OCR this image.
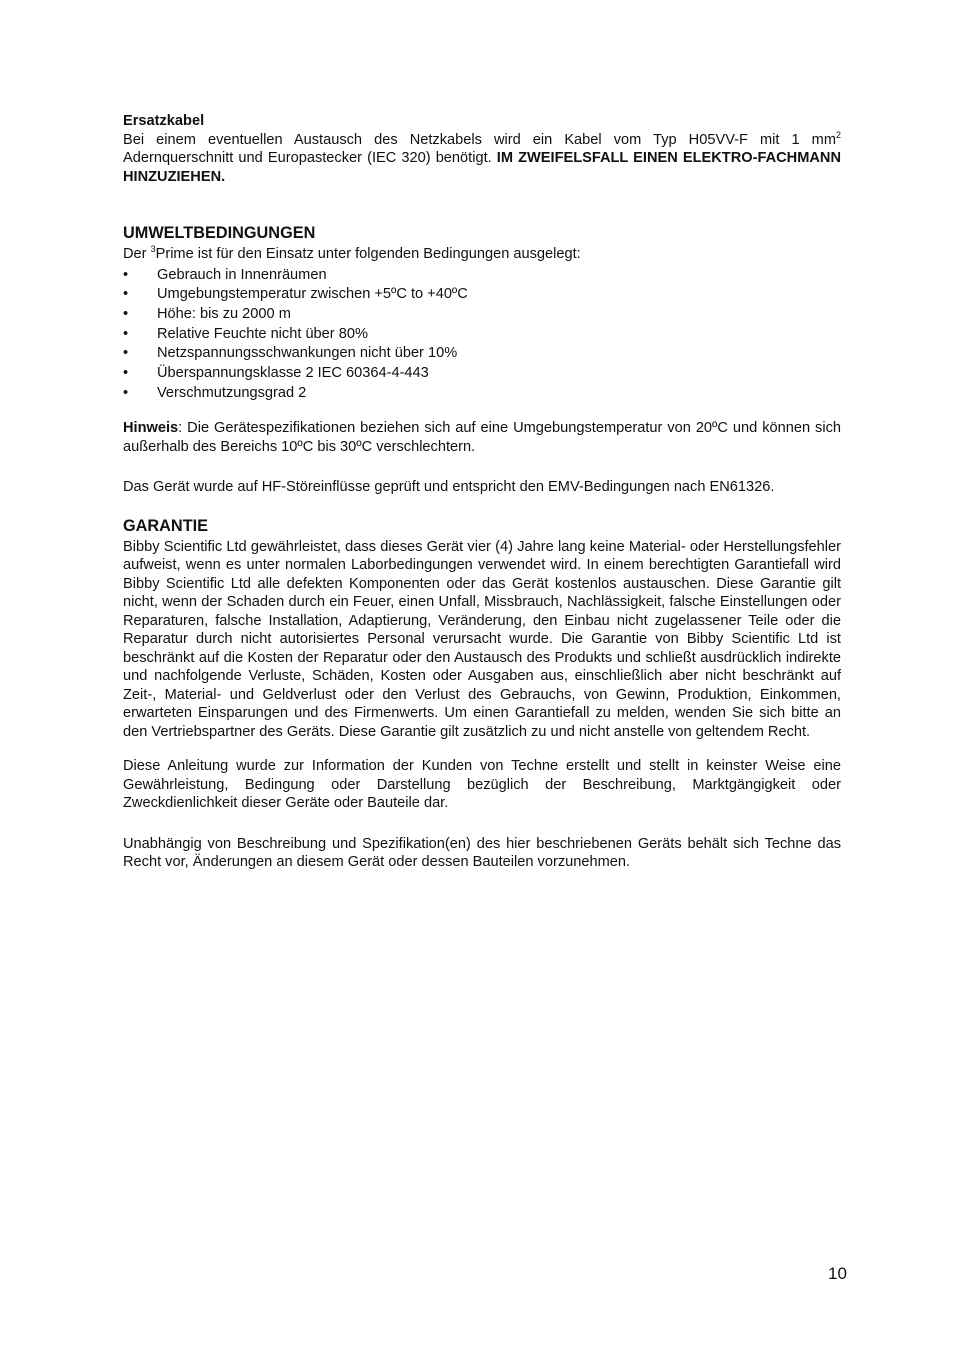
Ersatzkabel

Bei einem eventuellen Austausch des Netzkabels wird ein Kabel vom Typ H05VV-F mit 1 $mm^2$ Adernquerschnitt und Europastecker (IEC 320) benötigt. IM ZWEIFELSFALL EINEN ELEKTRO-FACHMANN HINZUZIEHEN.

UMWELTBEDINGUNGEN

Der $^3$Prime ist für den Einsatz unter folgenden Bedingungen ausgelegt:

• Gebrauch in Innenräumen
• Umgebungstemperatur zwischen +5ºC to +40ºC
• Höhe: bis zu 2000 m
• Relative Feuchte nicht über 80%
• Netzspannungsschwankungen nicht über 10%
• Überspannungsklasse 2 IEC 60364-4-443
• Verschmutzungsgrad 2

Hinweis: Die Gerätespezifikationen beziehen sich auf eine Umgebungstemperatur von 20ºC und können sich außerhalb des Bereichs 10ºC bis 30ºC verschlechtern.

Das Gerät wurde auf HF-Störeinflüsse geprüft und entspricht den EMV-Bedingungen nach EN61326.

GARANTIE

Bibby Scientific Ltd gewährleistet, dass dieses Gerät vier (4) Jahre lang keine Material- oder Herstellungsfehler aufweist, wenn es unter normalen Laborbedingungen verwendet wird. In einem berechtigten Garantiefall wird Bibby Scientific Ltd alle defekten Komponenten oder das Gerät kostenlos austauschen. Diese Garantie gilt nicht, wenn der Schaden durch ein Feuer, einen Unfall, Missbrauch, Nachlässigkeit, falsche Einstellungen oder Reparaturen, falsche Installation, Adaptierung, Veränderung, den Einbau nicht zugelassener Teile oder die Reparatur durch nicht autorisiertes Personal verursacht wurde. Die Garantie von Bibby Scientific Ltd ist beschränkt auf die Kosten der Reparatur oder den Austausch des Produkts und schließt ausdrücklich indirekte und nachfolgende Verluste, Schäden, Kosten oder Ausgaben aus, einschließlich aber nicht beschränkt auf Zeit-, Material- und Geldverlust oder den Verlust des Gebrauchs, von Gewinn, Produktion, Einkommen, erwarteten Einsparungen und des Firmenwerts. Um einen Garantiefall zu melden, wenden Sie sich bitte an den Vertriebspartner des Geräts. Diese Garantie gilt zusätzlich zu und nicht anstelle von geltendem Recht.

Diese Anleitung wurde zur Information der Kunden von Techne erstellt und stellt in keinster Weise eine Gewährleistung, Bedingung oder Darstellung bezüglich der Beschreibung, Marktgängigkeit oder Zweckdienlichkeit dieser Geräte oder Bauteile dar.

Unabhängig von Beschreibung und Spezifikation(en) des hier beschriebenen Geräts behält sich Techne das Recht vor, Änderungen an diesem Gerät oder dessen Bauteilen vorzunehmen.

10
